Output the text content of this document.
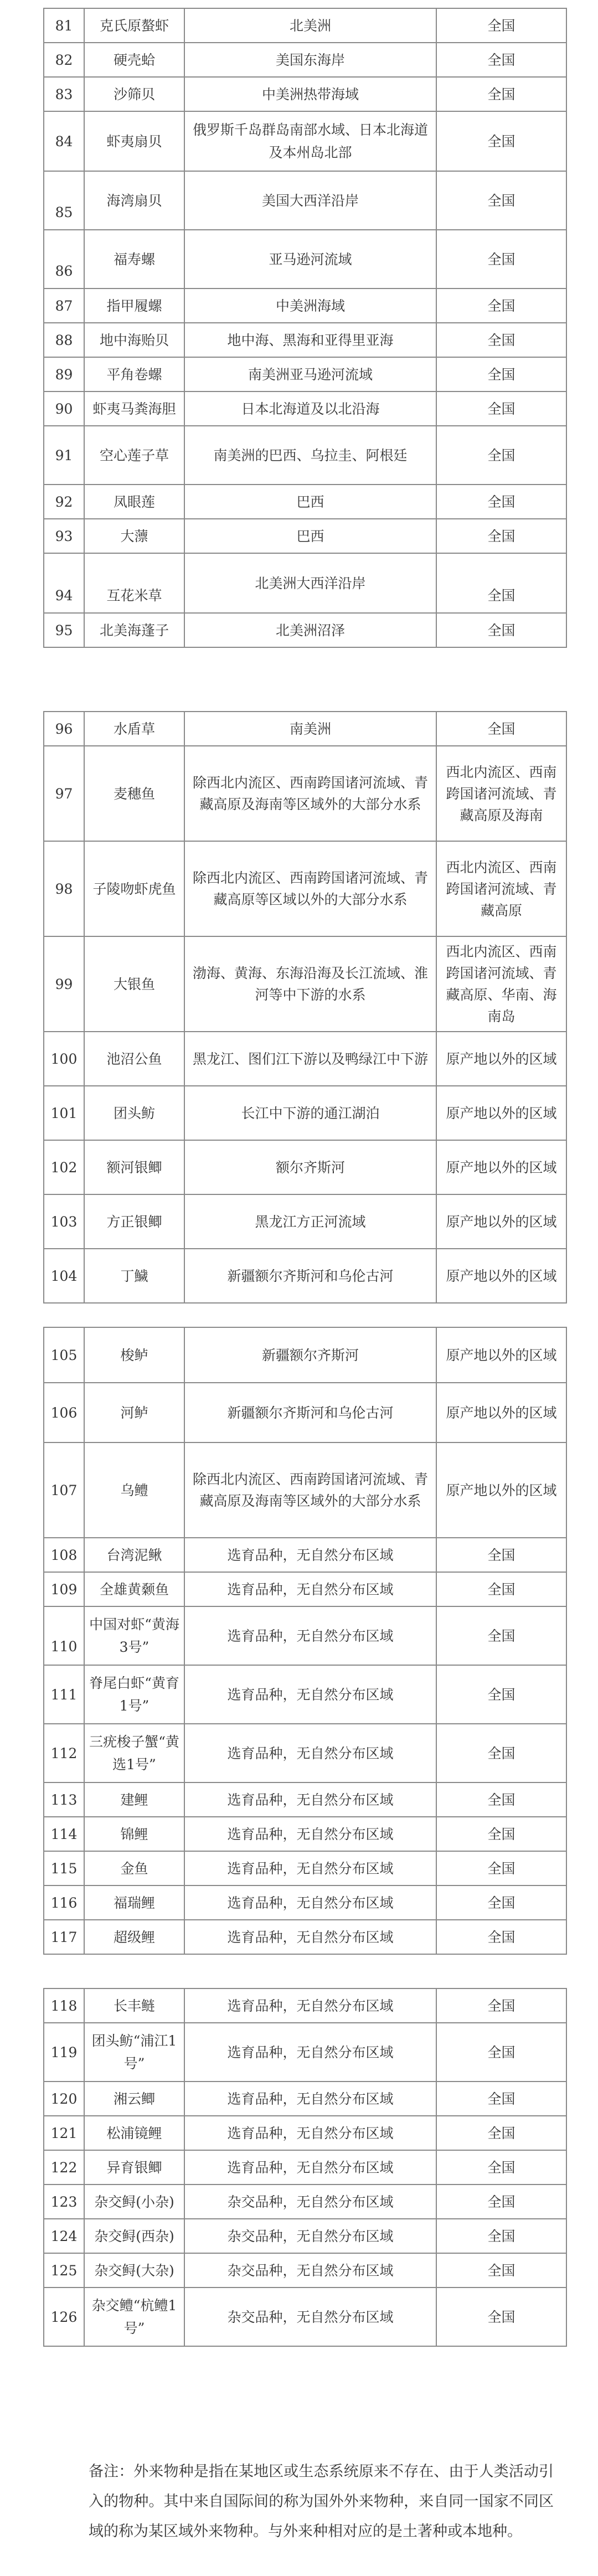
81	克氏原螯虾	北美洲	全国
82	硬壳蛤	美国东海岸	全国
83	沙筛贝	中美洲热带海域	全国
84	虾夷扇贝	俄罗斯千岛群岛南部水域、日本北海道及本州岛北部	全国
85	海湾扇贝	美国大西洋沿岸	全国
86	福寿螺	亚马逊河流域	全国
87	指甲履螺	中美洲海域	全国
88	地中海贻贝	地中海、黑海和亚得里亚海	全国
89	平角卷螺	南美洲亚马逊河流域	全国
90	虾夷马粪海胆	日本北海道及以北沿海	全国
91	空心莲子草	南美洲的巴西、乌拉圭、阿根廷	全国
92	凤眼莲	巴西	全国
93	大薸	巴西	全国
94	互花米草	北美洲大西洋沿岸	全国
95	北美海蓬子	北美洲沼泽	全国
96	水盾草	南美洲	全国
97	麦穗鱼	除西北内流区、西南跨国诸河流域、青藏高原及海南等区域外的大部分水系	西北内流区、西南跨国诸河流域、青藏高原及海南
98	子陵吻虾虎鱼	除西北内流区、西南跨国诸河流域、青藏高原等区域以外的大部分水系	西北内流区、西南跨国诸河流域、青藏高原
99	大银鱼	渤海、黄海、东海沿海及长江流域、淮河等中下游的水系	西北内流区、西南跨国诸河流域、青藏高原、华南、海南岛
100	池沼公鱼	黑龙江、图们江下游以及鸭绿江中下游	原产地以外的区域
101	团头鲂	长江中下游的通江湖泊	原产地以外的区域
102	额河银鲫	额尔齐斯河	原产地以外的区域
103	方正银鲫	黑龙江方正河流域	原产地以外的区域
104	丁鱥	新疆额尔齐斯河和乌伦古河	原产地以外的区域
105	梭鲈	新疆额尔齐斯河	原产地以外的区域
106	河鲈	新疆额尔齐斯河和乌伦古河	原产地以外的区域
107	乌鳢	除西北内流区、西南跨国诸河流域、青藏高原及海南等区域外的大部分水系	原产地以外的区域
108	台湾泥鳅	选育品种，无自然分布区域	全国
109	全雄黄颡鱼	选育品种，无自然分布区域	全国
110	中国对虾“黄海3号”	选育品种，无自然分布区域	全国
111	脊尾白虾“黄育1号”	选育品种，无自然分布区域	全国
112	三疣梭子蟹“黄选1号”	选育品种，无自然分布区域	全国
113	建鲤	选育品种，无自然分布区域	全国
114	锦鲤	选育品种，无自然分布区域	全国
115	金鱼	选育品种，无自然分布区域	全国
116	福瑞鲤	选育品种，无自然分布区域	全国
117	超级鲤	选育品种，无自然分布区域	全国
118	长丰鲢	选育品种，无自然分布区域	全国
119	团头鲂“浦江1号”	选育品种，无自然分布区域	全国
120	湘云鲫	选育品种，无自然分布区域	全国
121	松浦镜鲤	选育品种，无自然分布区域	全国
122	异育银鲫	选育品种，无自然分布区域	全国
123	杂交鲟(小杂)	杂交品种，无自然分布区域	全国
124	杂交鲟(西杂)	杂交品种，无自然分布区域	全国
125	杂交鲟(大杂)	杂交品种，无自然分布区域	全国
126	杂交鳢“杭鳢1号”	杂交品种，无自然分布区域	全国

备注：外来物种是指在某地区或生态系统原来不存在、由于人类活动引入的物种。其中来自国际间的称为国外外来物种，来自同一国家不同区域的称为某区域外来物种。与外来种相对应的是土著种或本地种。
